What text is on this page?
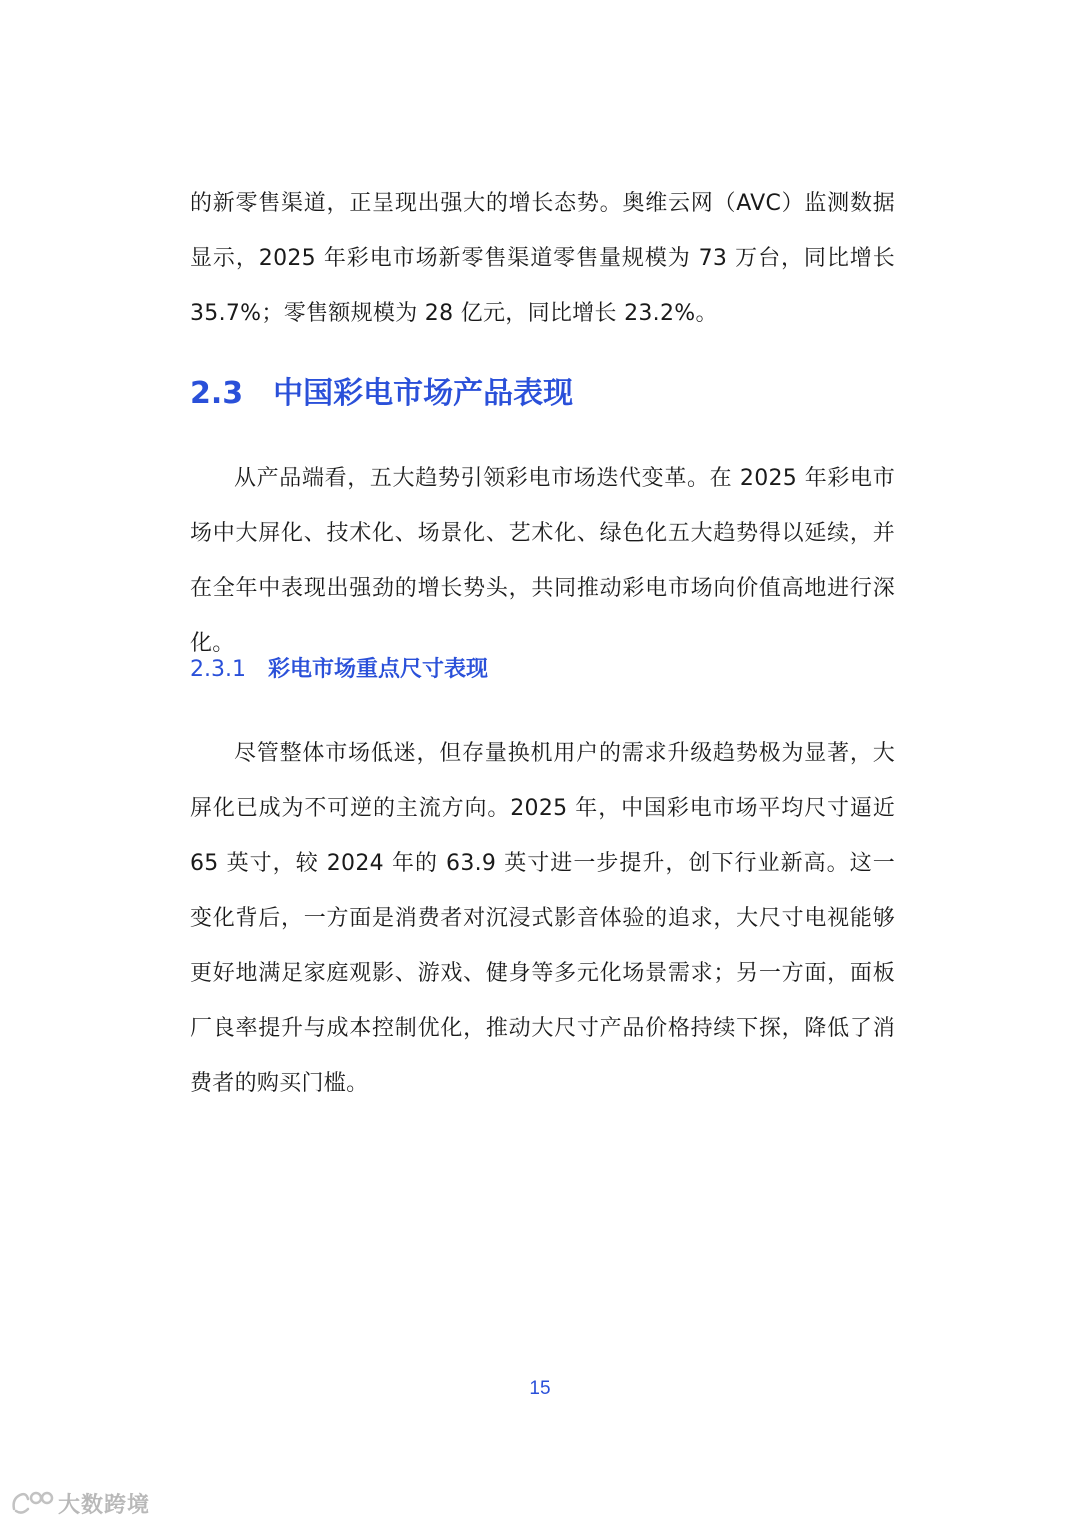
的新零售渠道，正呈现出强大的增长态势。奥维云网（AVC）监测数据显示，2025 年彩电市场新零售渠道零售量规模为 73 万台，同比增长 35.7%；零售额规模为 28 亿元，同比增长 23.2%。

2.3 中国彩电市场产品表现

从产品端看，五大趋势引领彩电市场迭代变革。在 2025 年彩电市场中大屏化、技术化、场景化、艺术化、绿色化五大趋势得以延续，并在全年中表现出强劲的增长势头，共同推动彩电市场向价值高地进行深化。

2.3.1 彩电市场重点尺寸表现

尽管整体市场低迷，但存量换机用户的需求升级趋势极为显著，大屏化已成为不可逆的主流方向。2025 年，中国彩电市场平均尺寸逼近 65 英寸，较 2024 年的 63.9 英寸进一步提升，创下行业新高。这一变化背后，一方面是消费者对沉浸式影音体验的追求，大尺寸电视能够更好地满足家庭观影、游戏、健身等多元化场景需求；另一方面，面板厂良率提升与成本控制优化，推动大尺寸产品价格持续下探，降低了消费者的购买门槛。

15
大数跨境
